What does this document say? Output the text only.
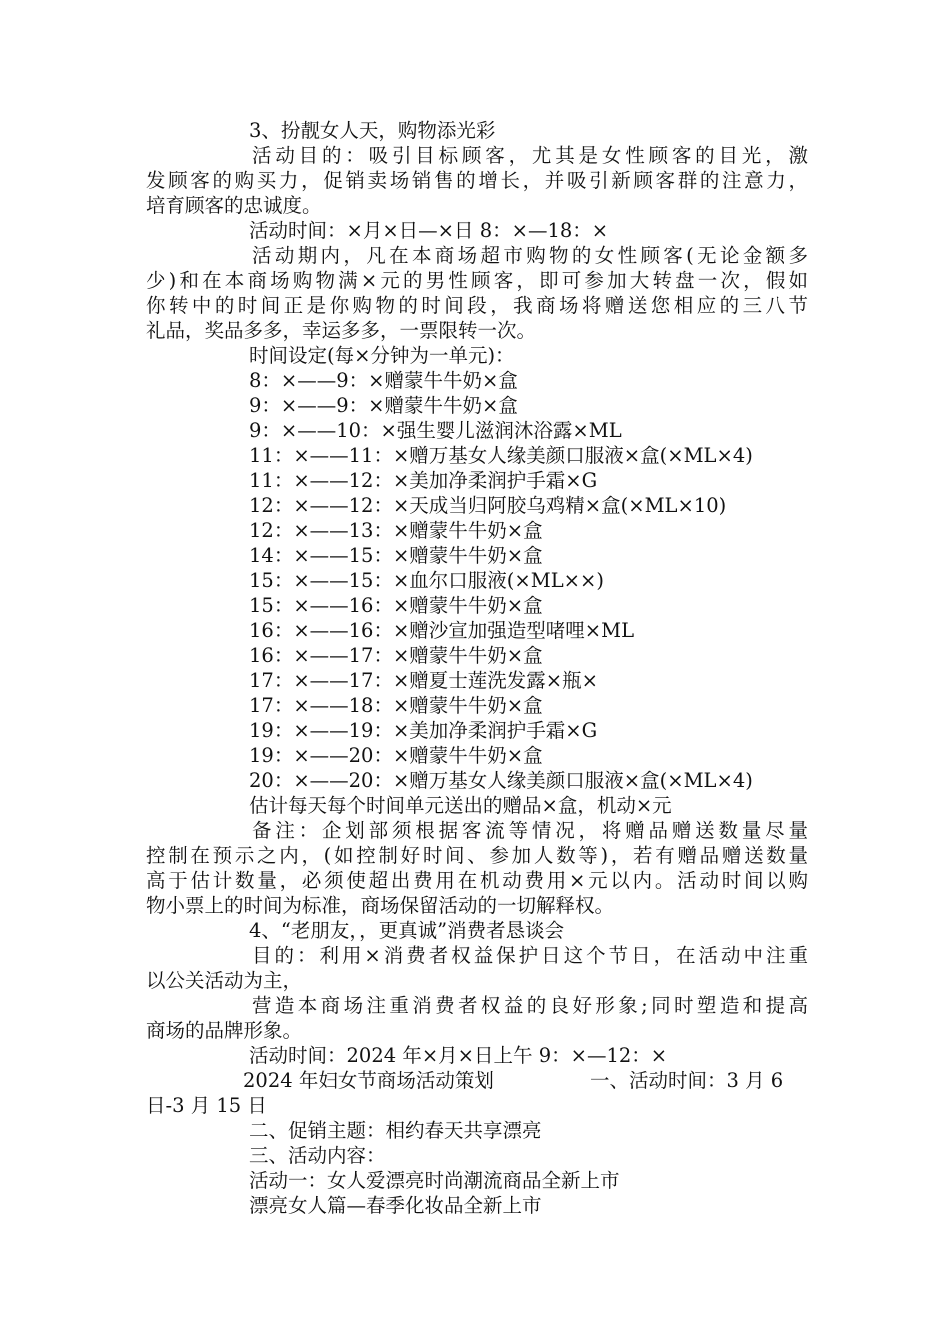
3、扮靓女人天，购物添光彩
活动目的：吸引目标顾客，尤其是女性顾客的目光，激
发顾客的购买力，促销卖场销售的增长，并吸引新顾客群的注意力，
培育顾客的忠诚度。
活动时间：×月×日—×日 8：×—18：×
活动期内，凡在本商场超市购物的女性顾客(无论金额多
少)和在本商场购物满×元的男性顾客，即可参加大转盘一次，假如
你转中的时间正是你购物的时间段，我商场将赠送您相应的三八节
礼品，奖品多多，幸运多多，一票限转一次。
时间设定(每×分钟为一单元)：
8：×——9：×赠蒙牛牛奶×盒
9：×——9：×赠蒙牛牛奶×盒
9：×——10：×强生婴儿滋润沐浴露×ML
11：×——11：×赠万基女人缘美颜口服液×盒(×ML×4)
11：×——12：×美加净柔润护手霜×G
12：×——12：×天成当归阿胶乌鸡精×盒(×ML×10)
12：×——13：×赠蒙牛牛奶×盒
14：×——15：×赠蒙牛牛奶×盒
15：×——15：×血尔口服液(×ML××)
15：×——16：×赠蒙牛牛奶×盒
16：×——16：×赠沙宣加强造型啫哩×ML
16：×——17：×赠蒙牛牛奶×盒
17：×——17：×赠夏士莲洗发露×瓶×
17：×——18：×赠蒙牛牛奶×盒
19：×——19：×美加净柔润护手霜×G
19：×——20：×赠蒙牛牛奶×盒
20：×——20：×赠万基女人缘美颜口服液×盒(×ML×4)
估计每天每个时间单元送出的赠品×盒，机动×元
备注：企划部须根据客流等情况，将赠品赠送数量尽量
控制在预示之内，(如控制好时间、参加人数等)，若有赠品赠送数量
高于估计数量，必须使超出费用在机动费用×元以内。活动时间以购
物小票上的时间为标准，商场保留活动的一切解释权。
4、“老朋友，，更真诚”消费者恳谈会
目的：利用×消费者权益保护日这个节日，在活动中注重
以公关活动为主，
营造本商场注重消费者权益的良好形象;同时塑造和提高
商场的品牌形象。
活动时间：2024 年×月×日上午 9：×—12：×
2024 年妇女节商场活动策划	一、活动时间：3 月 6
日-3 月 15 日
二、促销主题：相约春天共享漂亮
三、活动内容：
活动一：女人爱漂亮时尚潮流商品全新上市
漂亮女人篇—春季化妆品全新上市
